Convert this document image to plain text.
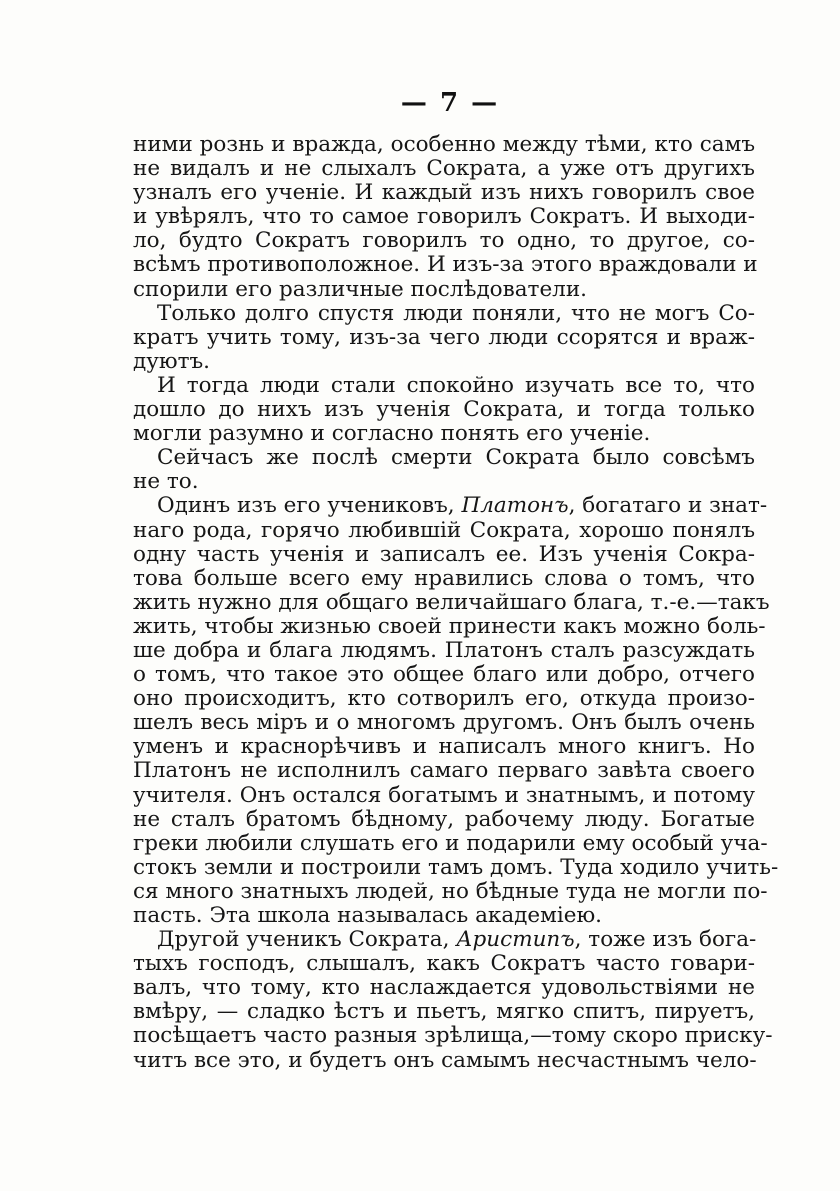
— 7 —
ними рознь и вражда, особенно между тѣми, кто самъ
не видалъ и не слыхалъ Сократа, а уже отъ другихъ
узналъ его ученіе. И каждый изъ нихъ говорилъ свое
и увѣрялъ, что то самое говорилъ Сократъ. И выходи-
ло, будто Сократъ говорилъ то одно, то другое, со-
всѣмъ противоположное. И изъ-за этого враждовали и
спорили его различные послѣдователи.
Только долго спустя люди поняли, что не могъ Со-
кратъ учить тому, изъ-за чего люди ссорятся и враж-
дуютъ.
И тогда люди стали спокойно изучать все то, что
дошло до нихъ изъ ученія Сократа, и тогда только
могли разумно и согласно понять его ученіе.
Сейчасъ же послѣ смерти Сократа было совсѣмъ
не то.
Одинъ изъ его учениковъ, Платонъ, богатаго и знат-
наго рода, горячо любившій Сократа, хорошо понялъ
одну часть ученія и записалъ ее. Изъ ученія Сокра-
това больше всего ему нравились слова о томъ, что
жить нужно для общаго величайшаго блага, т.-е.—такъ
жить, чтобы жизнью своей принести какъ можно боль-
ше добра и блага людямъ. Платонъ сталъ разсуждать
о томъ, что такое это общее благо или добро, отчего
оно происходитъ, кто сотворилъ его, откуда произо-
шелъ весь міръ и о многомъ другомъ. Онъ былъ очень
уменъ и краснорѣчивъ и написалъ много книгъ. Но
Платонъ не исполнилъ самаго перваго завѣта своего
учителя. Онъ остался богатымъ и знатнымъ, и потому
не сталъ братомъ бѣдному, рабочему люду. Богатые
греки любили слушать его и подарили ему особый уча-
стокъ земли и построили тамъ домъ. Туда ходило учить-
ся много знатныхъ людей, но бѣдные туда не могли по-
пасть. Эта школа называлась академіею.
Другой ученикъ Сократа, Аристипъ, тоже изъ бога-
тыхъ господъ, слышалъ, какъ Сократъ часто говари-
валъ, что тому, кто наслаждается удовольствіями не
вмѣру, — сладко ѣстъ и пьетъ, мягко спитъ, пируетъ,
посѣщаетъ часто разныя зрѣлища,—тому скоро приску-
читъ все это, и будетъ онъ самымъ несчастнымъ чело-
